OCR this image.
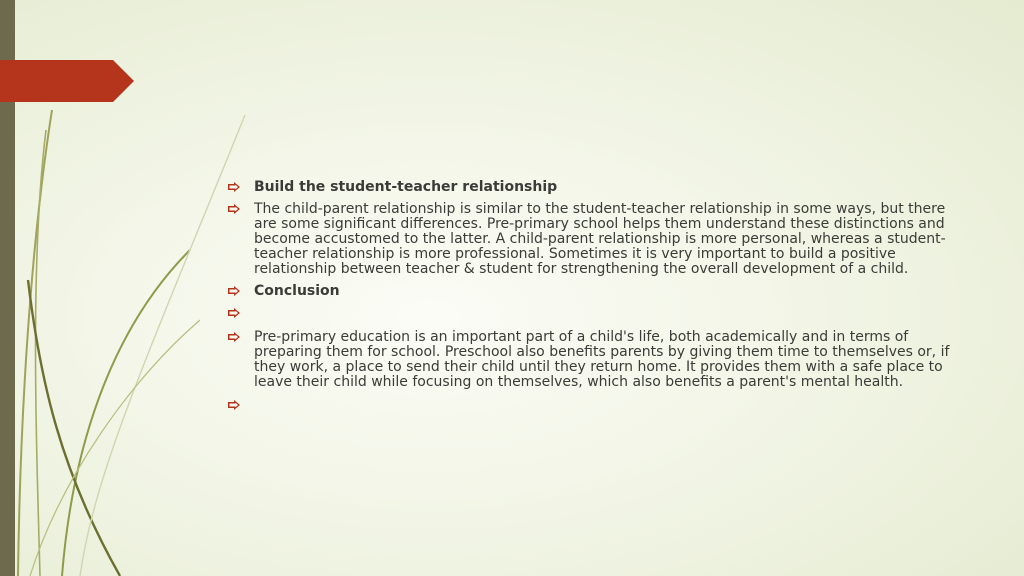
Build the student-teacher relationship
The child-parent relationship is similar to the student-teacher relationship in some ways, but there are some significant differences. Pre-primary school helps them understand these distinctions and become accustomed to the latter. A child-parent relationship is more personal, whereas a student-teacher relationship is more professional. Sometimes it is very important to build a positive relationship between teacher & student for strengthening the overall development of a child.
Conclusion
Pre-primary education is an important part of a child's life, both academically and in terms of preparing them for school. Preschool also benefits parents by giving them time to themselves or, if they work, a place to send their child until they return home. It provides them with a safe place to leave their child while focusing on themselves, which also benefits a parent's mental health.
